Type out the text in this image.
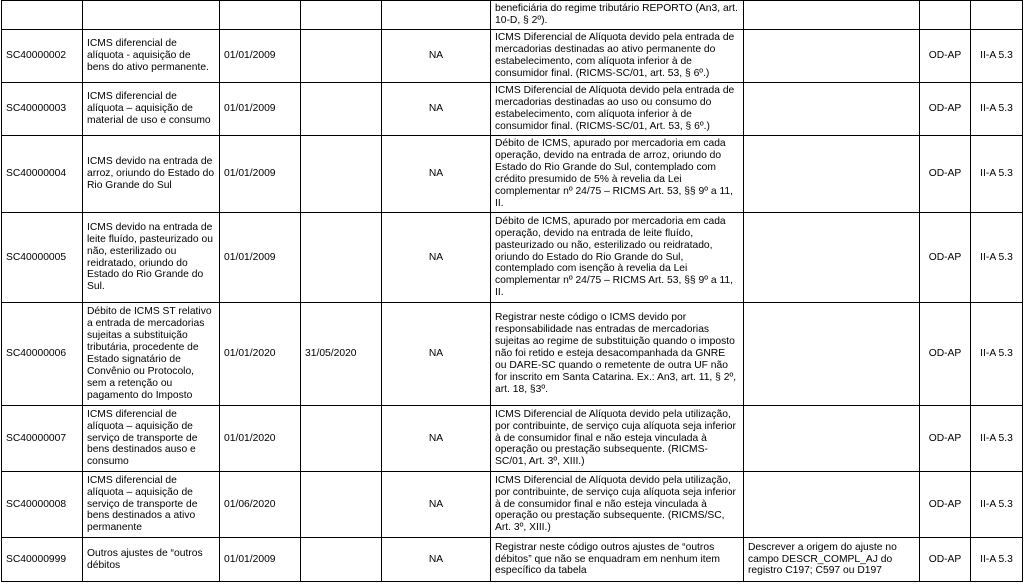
					beneficiária do regime tributário REPORTO (An3, art. 10-D, § 2º).			
SC40000002	ICMS diferencial de alíquota - aquisição de bens do ativo permanente.	01/01/2009		NA	ICMS Diferencial de Alíquota devido pela entrada de mercadorias destinadas ao ativo permanente do estabelecimento, com alíquota inferior à de consumidor final. (RICMS-SC/01, art. 53, § 6º.)		OD-AP	II-A 5.3
SC40000003	ICMS diferencial de alíquota – aquisição de material de uso e consumo	01/01/2009		NA	ICMS Diferencial de Alíquota devido pela entrada de mercadorias destinadas ao uso ou consumo do estabelecimento, com alíquota inferior à de consumidor final. (RICMS-SC/01, Art. 53, § 6º.)		OD-AP	II-A 5.3
SC40000004	ICMS devido na entrada de arroz, oriundo do Estado do Rio Grande do Sul	01/01/2009		NA	Débito de ICMS, apurado por mercadoria em cada operação, devido na entrada de arroz, oriundo do Estado do Rio Grande do Sul, contemplado com crédito presumido de 5% à revelia da Lei complementar nº 24/75 – RICMS Art. 53, §§ 9º a 11, II.		OD-AP	II-A 5.3
SC40000005	ICMS devido na entrada de leite fluído, pasteurizado ou não, esterilizado ou reidratado, oriundo do Estado do Rio Grande do Sul.	01/01/2009		NA	Débito de ICMS, apurado por mercadoria em cada operação, devido na entrada de leite fluído, pasteurizado ou não, esterilizado ou reidratado, oriundo do Estado do Rio Grande do Sul, contemplado com isenção à revelia da Lei complementar nº 24/75 – RICMS Art. 53, §§ 9º a 11, II.		OD-AP	II-A 5.3
SC40000006	Débito de ICMS ST relativo a entrada de mercadorias sujeitas a substituição tributária, procedente de Estado signatário de Convênio ou Protocolo, sem a retenção ou pagamento do Imposto	01/01/2020	31/05/2020	NA	Registrar neste código o ICMS devido por responsabilidade nas entradas de mercadorias sujeitas ao regime de substituição quando o imposto não foi retido e esteja desacompanhada da GNRE ou DARE-SC quando o remetente de outra UF não for inscrito em Santa Catarina. Ex.: An3, art. 11, § 2º, art. 18, §3º.		OD-AP	II-A 5.3
SC40000007	ICMS diferencial de alíquota – aquisição de serviço de transporte de bens destinados auso e consumo	01/01/2020		NA	ICMS Diferencial de Alíquota devido pela utilização, por contribuinte, de serviço cuja alíquota seja inferior à de consumidor final e não esteja vinculada à operação ou prestação subsequente. (RICMS- SC/01, Art. 3º, XIII.)		OD-AP	II-A 5.3
SC40000008	ICMS diferencial de alíquota – aquisição de serviço de transporte de bens destinados a ativo permanente	01/06/2020		NA	ICMS Diferencial de Alíquota devido pela utilização, por contribuinte, de serviço cuja alíquota seja inferior à de consumidor final e não esteja vinculada à operação ou prestação subsequente. (RICMS/SC, Art. 3º, XIII.)		OD-AP	II-A 5.3
SC40000999	Outros ajustes de “outros débitos	01/01/2009		NA	Registrar neste código outros ajustes de “outros débitos” que não se enquadram em nenhum item específico da tabela	Descrever a origem do ajuste no campo DESCR_COMPL_AJ do registro C197; C597 ou D197	OD-AP	II-A 5.3
